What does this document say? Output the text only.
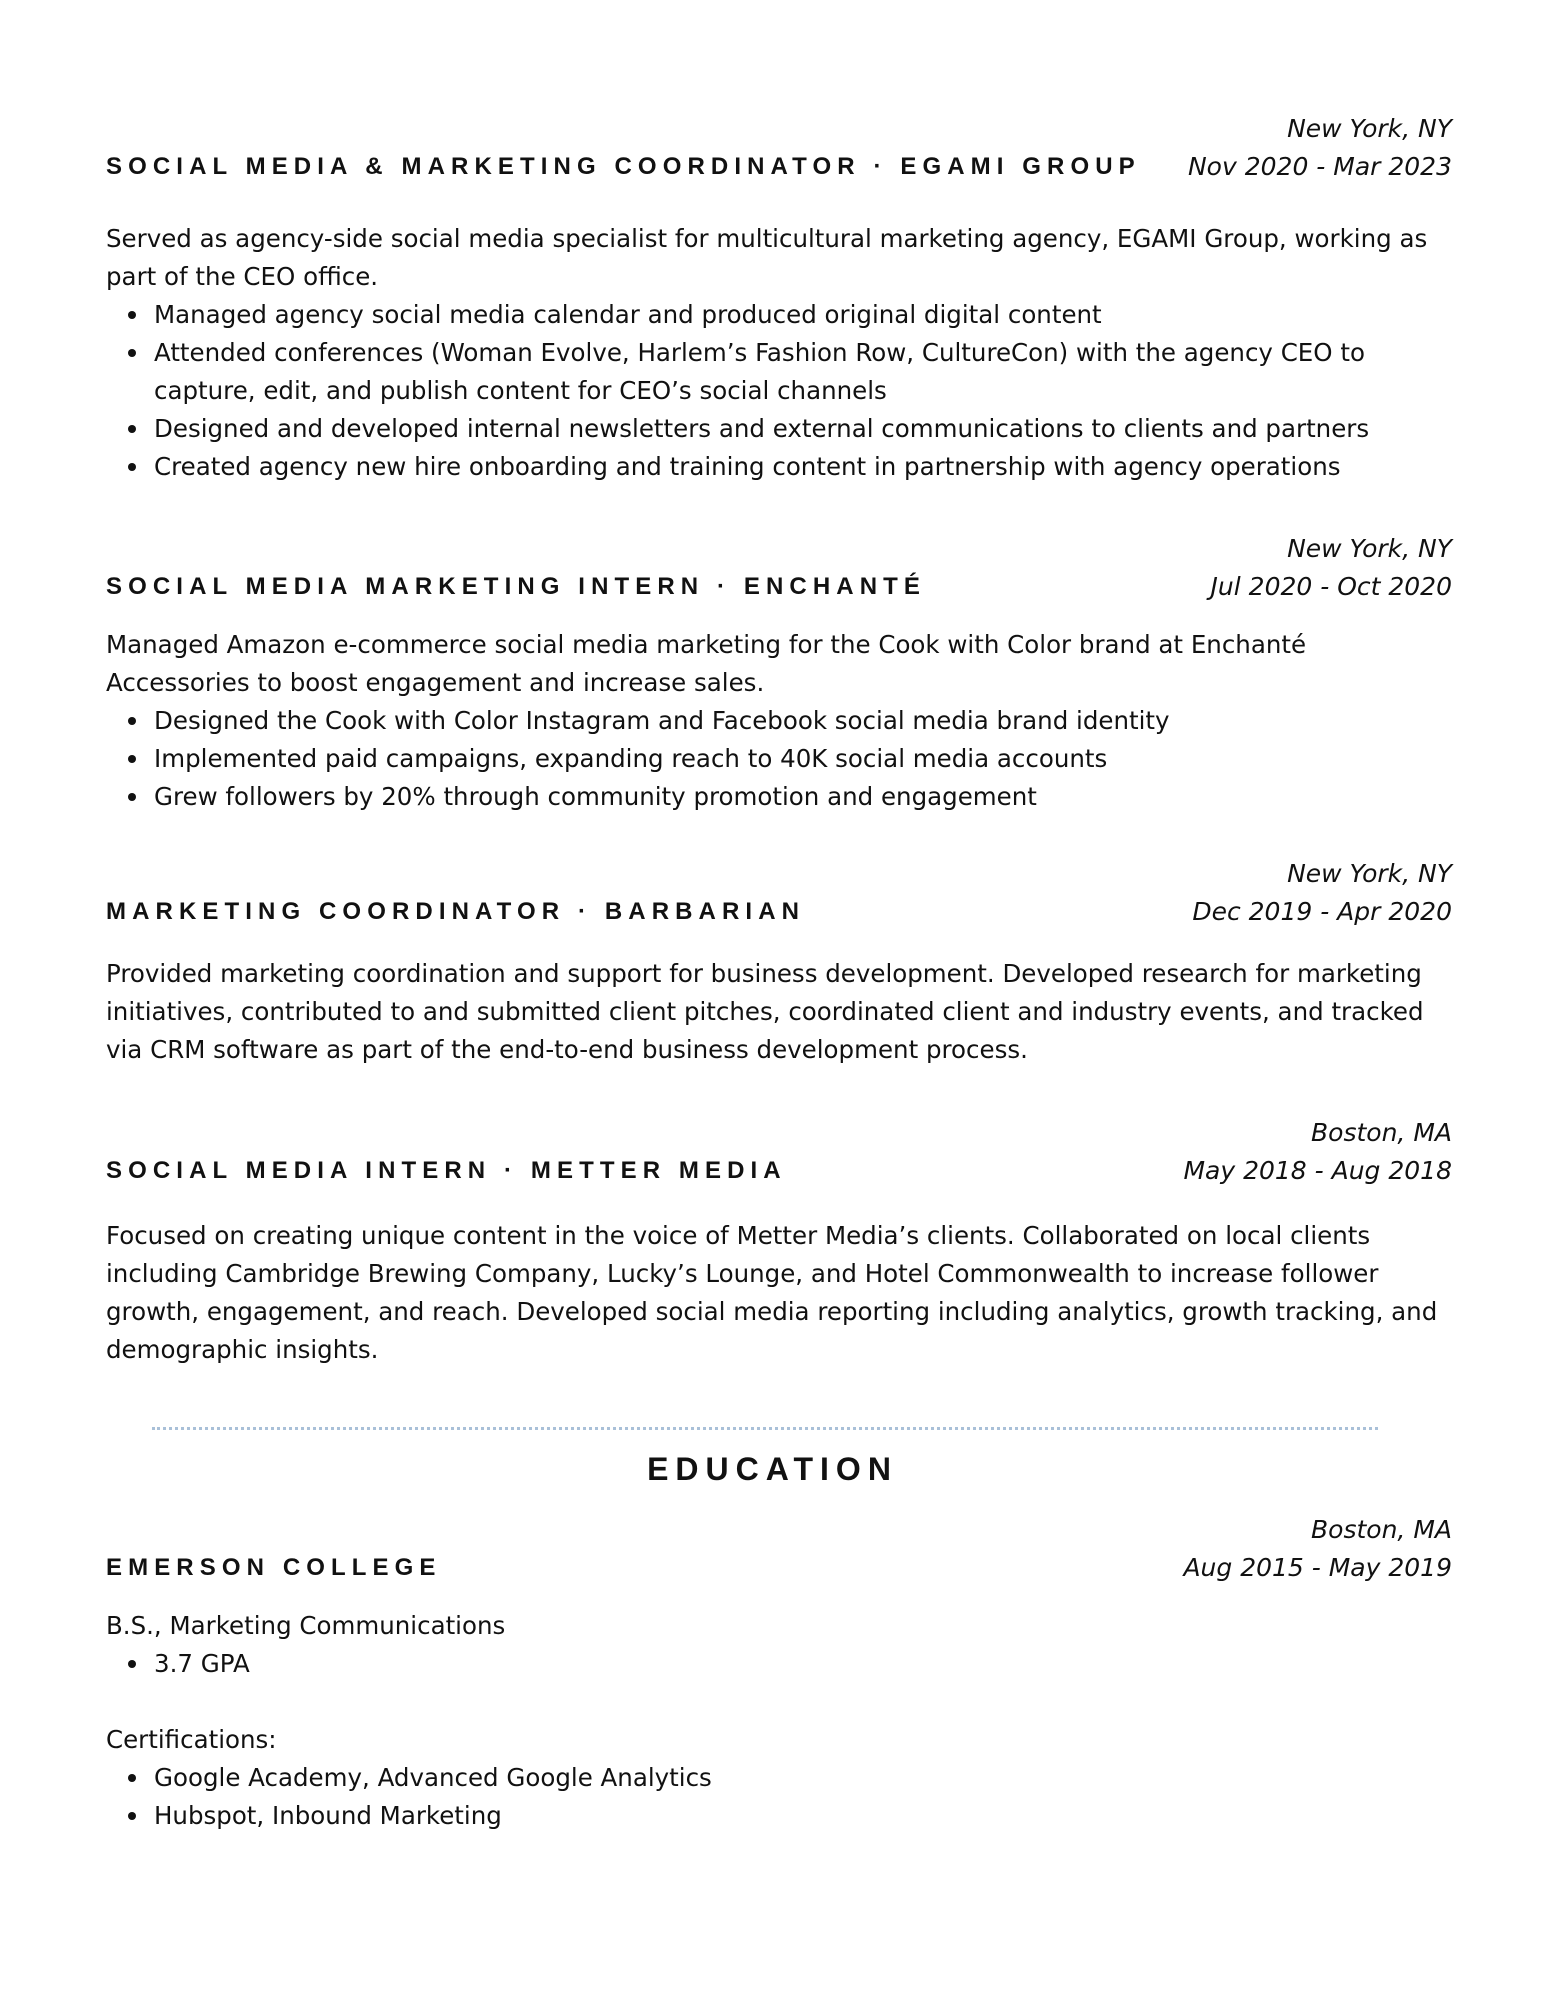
New York, NY
Nov 2020 - Mar 2023
SOCIAL MEDIA & MARKETING COORDINATOR · EGAMI GROUP
Served as agency-side social media specialist for multicultural marketing agency, EGAMI Group, working as part of the CEO office.
Managed agency social media calendar and produced original digital content
Attended conferences (Woman Evolve, Harlem’s Fashion Row, CultureCon) with the agency CEO to capture, edit, and publish content for CEO’s social channels
Designed and developed internal newsletters and external communications to clients and partners
Created agency new hire onboarding and training content in partnership with agency operations
New York, NY
Jul 2020 - Oct 2020
SOCIAL MEDIA MARKETING INTERN · ENCHANTÉ
Managed Amazon e-commerce social media marketing for the Cook with Color brand at Enchanté Accessories to boost engagement and increase sales.
Designed the Cook with Color Instagram and Facebook social media brand identity
Implemented paid campaigns, expanding reach to 40K social media accounts
Grew followers by 20% through community promotion and engagement
New York, NY
Dec 2019 - Apr 2020
MARKETING COORDINATOR · BARBARIAN
Provided marketing coordination and support for business development. Developed research for marketing initiatives, contributed to and submitted client pitches, coordinated client and industry events, and tracked via CRM software as part of the end-to-end business development process.
Boston, MA
May 2018 - Aug 2018
SOCIAL MEDIA INTERN · METTER MEDIA
Focused on creating unique content in the voice of Metter Media’s clients. Collaborated on local clients including Cambridge Brewing Company, Lucky’s Lounge, and Hotel Commonwealth to increase follower growth, engagement, and reach. Developed social media reporting including analytics, growth tracking, and demographic insights.
EDUCATION
Boston, MA
Aug 2015 - May 2019
EMERSON COLLEGE
B.S., Marketing Communications
3.7 GPA
Certifications:
Google Academy, Advanced Google Analytics
Hubspot, Inbound Marketing
